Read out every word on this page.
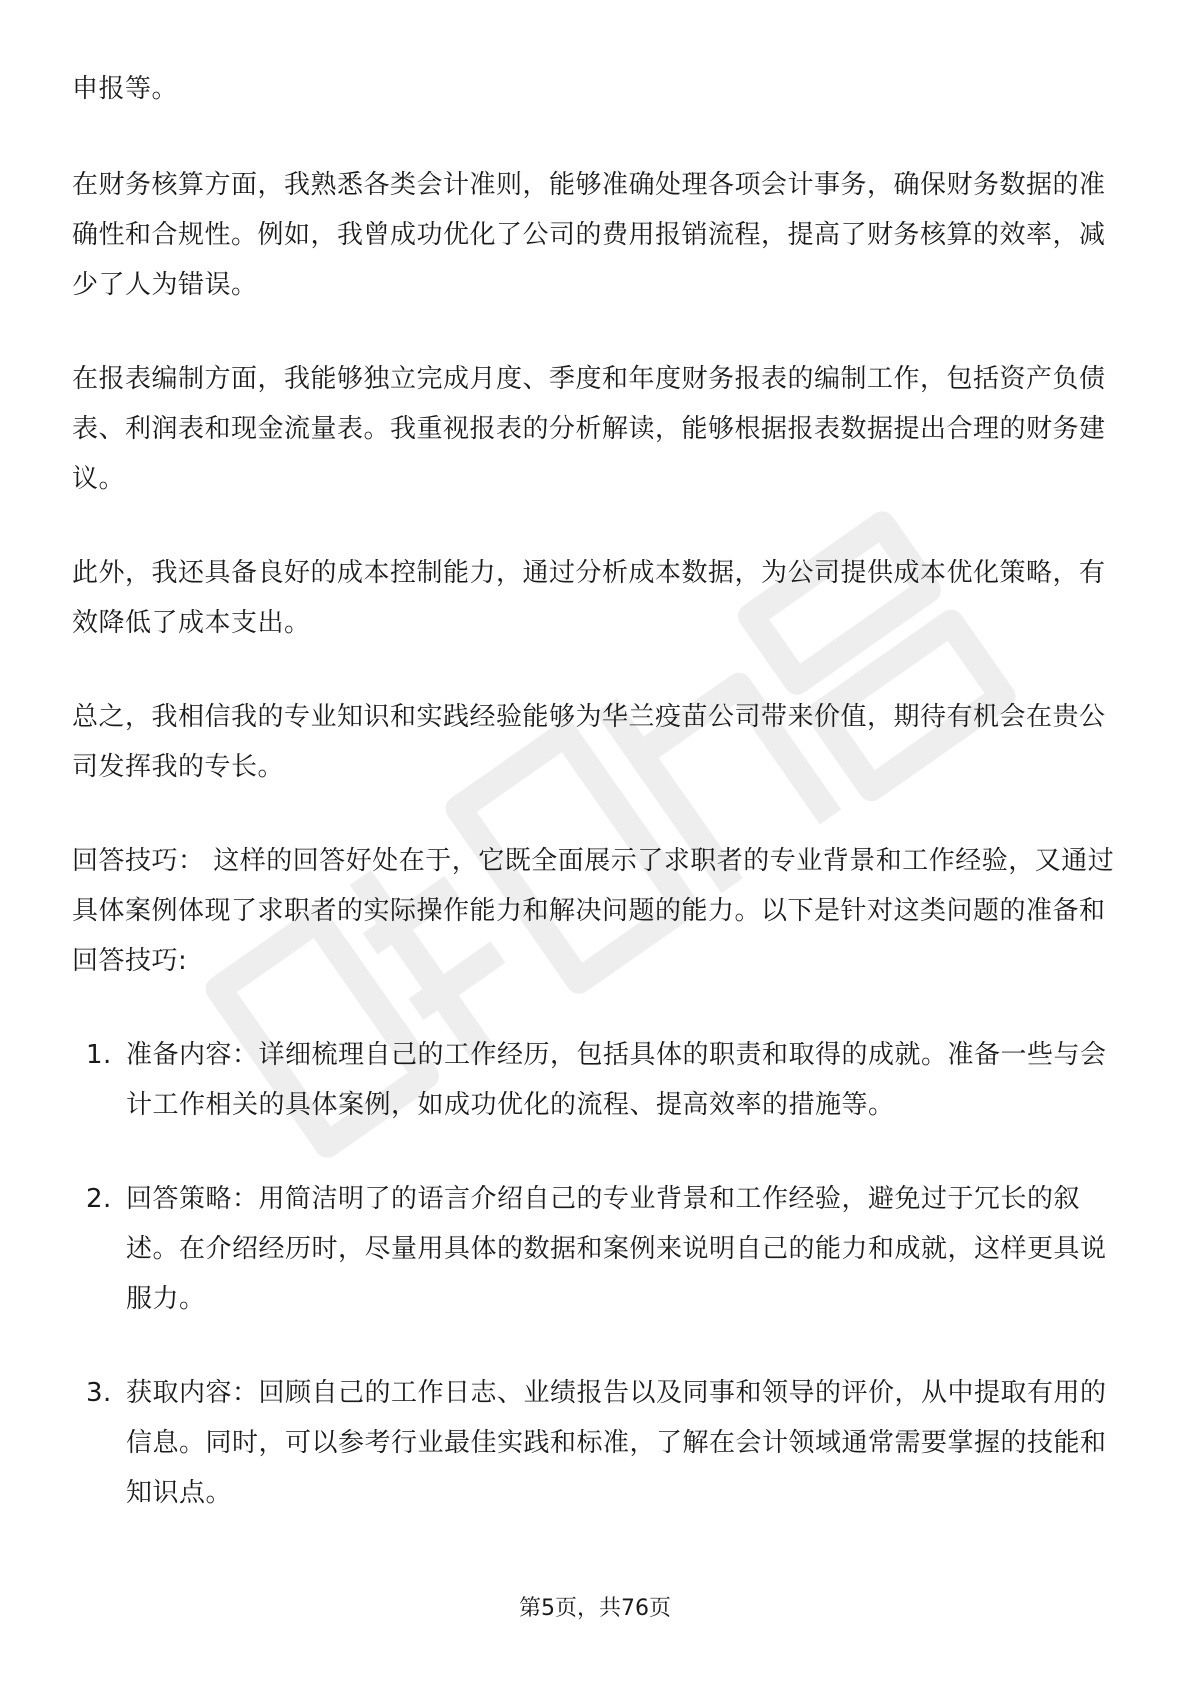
申报等。

在财务核算方面，我熟悉各类会计准则，能够准确处理各项会计事务，确保财务数据的准确性和合规性。例如，我曾成功优化了公司的费用报销流程，提高了财务核算的效率，减少了人为错误。

在报表编制方面，我能够独立完成月度、季度和年度财务报表的编制工作，包括资产负债表、利润表和现金流量表。我重视报表的分析解读，能够根据报表数据提出合理的财务建议。

此外，我还具备良好的成本控制能力，通过分析成本数据，为公司提供成本优化策略，有效降低了成本支出。

总之，我相信我的专业知识和实践经验能够为华兰疫苗公司带来价值，期待有机会在贵公司发挥我的专长。

回答技巧： 这样的回答好处在于，它既全面展示了求职者的专业背景和工作经验，又通过具体案例体现了求职者的实际操作能力和解决问题的能力。以下是针对这类问题的准备和回答技巧:

1. 准备内容：详细梳理自己的工作经历，包括具体的职责和取得的成就。准备一些与会计工作相关的具体案例，如成功优化的流程、提高效率的措施等。
2. 回答策略：用简洁明了的语言介绍自己的专业背景和工作经验，避免过于冗长的叙述。在介绍经历时，尽量用具体的数据和案例来说明自己的能力和成就，这样更具说服力。
3. 获取内容：回顾自己的工作日志、业绩报告以及同事和领导的评价，从中提取有用的信息。同时，可以参考行业最佳实践和标准，了解在会计领域通常需要掌握的技能和知识点。
第5页，共76页
